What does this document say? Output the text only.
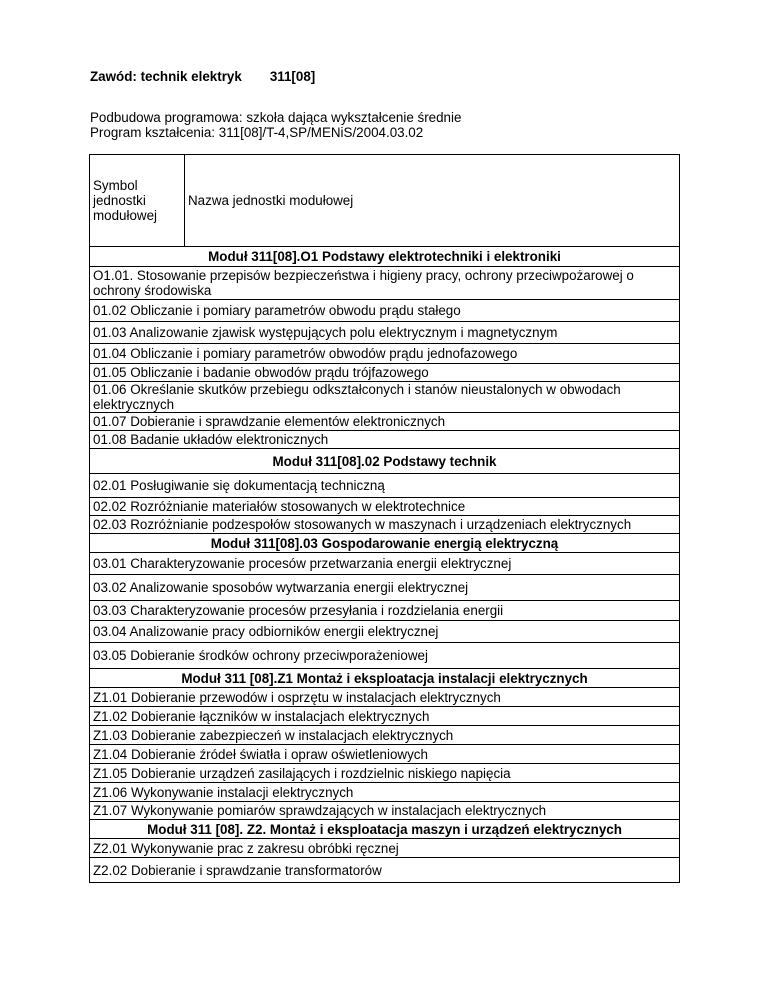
Zawód: technik elektryk 311[08]
Podbudowa programowa: szkoła dająca wykształcenie średnie
Program kształcenia: 311[08]/T-4,SP/MENiS/2004.03.02
Symbol jednostki modułowej	Nazwa jednostki modułowej
Moduł 311[08].O1 Podstawy elektrotechniki i elektroniki
O1.01. Stosowanie przepisów bezpieczeństwa i higieny pracy, ochrony przeciwpożarowej o ochrony środowiska
01.02 Obliczanie i pomiary parametrów obwodu prądu stałego
01.03 Analizowanie zjawisk występujących polu elektrycznym i magnetycznym
01.04 Obliczanie i pomiary parametrów obwodów prądu jednofazowego
01.05 Obliczanie i badanie obwodów prądu trójfazowego
01.06 Określanie skutków przebiegu odkształconych i stanów nieustalonych w obwodach elektrycznych
01.07 Dobieranie i sprawdzanie elementów elektronicznych
01.08 Badanie układów elektronicznych
Moduł 311[08].02 Podstawy technik
02.01 Posługiwanie się dokumentacją techniczną
02.02 Rozróżnianie materiałów stosowanych w elektrotechnice
02.03 Rozróżnianie podzespołów stosowanych w maszynach i urządzeniach elektrycznych
Moduł 311[08].03 Gospodarowanie energią elektryczną
03.01 Charakteryzowanie procesów przetwarzania energii elektrycznej
03.02 Analizowanie sposobów wytwarzania energii elektrycznej
03.03 Charakteryzowanie procesów przesyłania i rozdzielania energii
03.04 Analizowanie pracy odbiorników energii elektrycznej
03.05 Dobieranie środków ochrony przeciwporażeniowej
Moduł 311 [08].Z1 Montaż i eksploatacja instalacji elektrycznych
Z1.01 Dobieranie przewodów i osprzętu w instalacjach elektrycznych
Z1.02 Dobieranie łączników w instalacjach elektrycznych
Z1.03 Dobieranie zabezpieczeń w instalacjach elektrycznych
Z1.04 Dobieranie źródeł światła i opraw oświetleniowych
Z1.05 Dobieranie urządzeń zasilających i rozdzielnic niskiego napięcia
Z1.06 Wykonywanie instalacji elektrycznych
Z1.07 Wykonywanie pomiarów sprawdzających w instalacjach elektrycznych
Moduł 311 [08]. Z2. Montaż i eksploatacja maszyn i urządzeń elektrycznych
Z2.01 Wykonywanie prac z zakresu obróbki ręcznej
Z2.02 Dobieranie i sprawdzanie transformatorów
